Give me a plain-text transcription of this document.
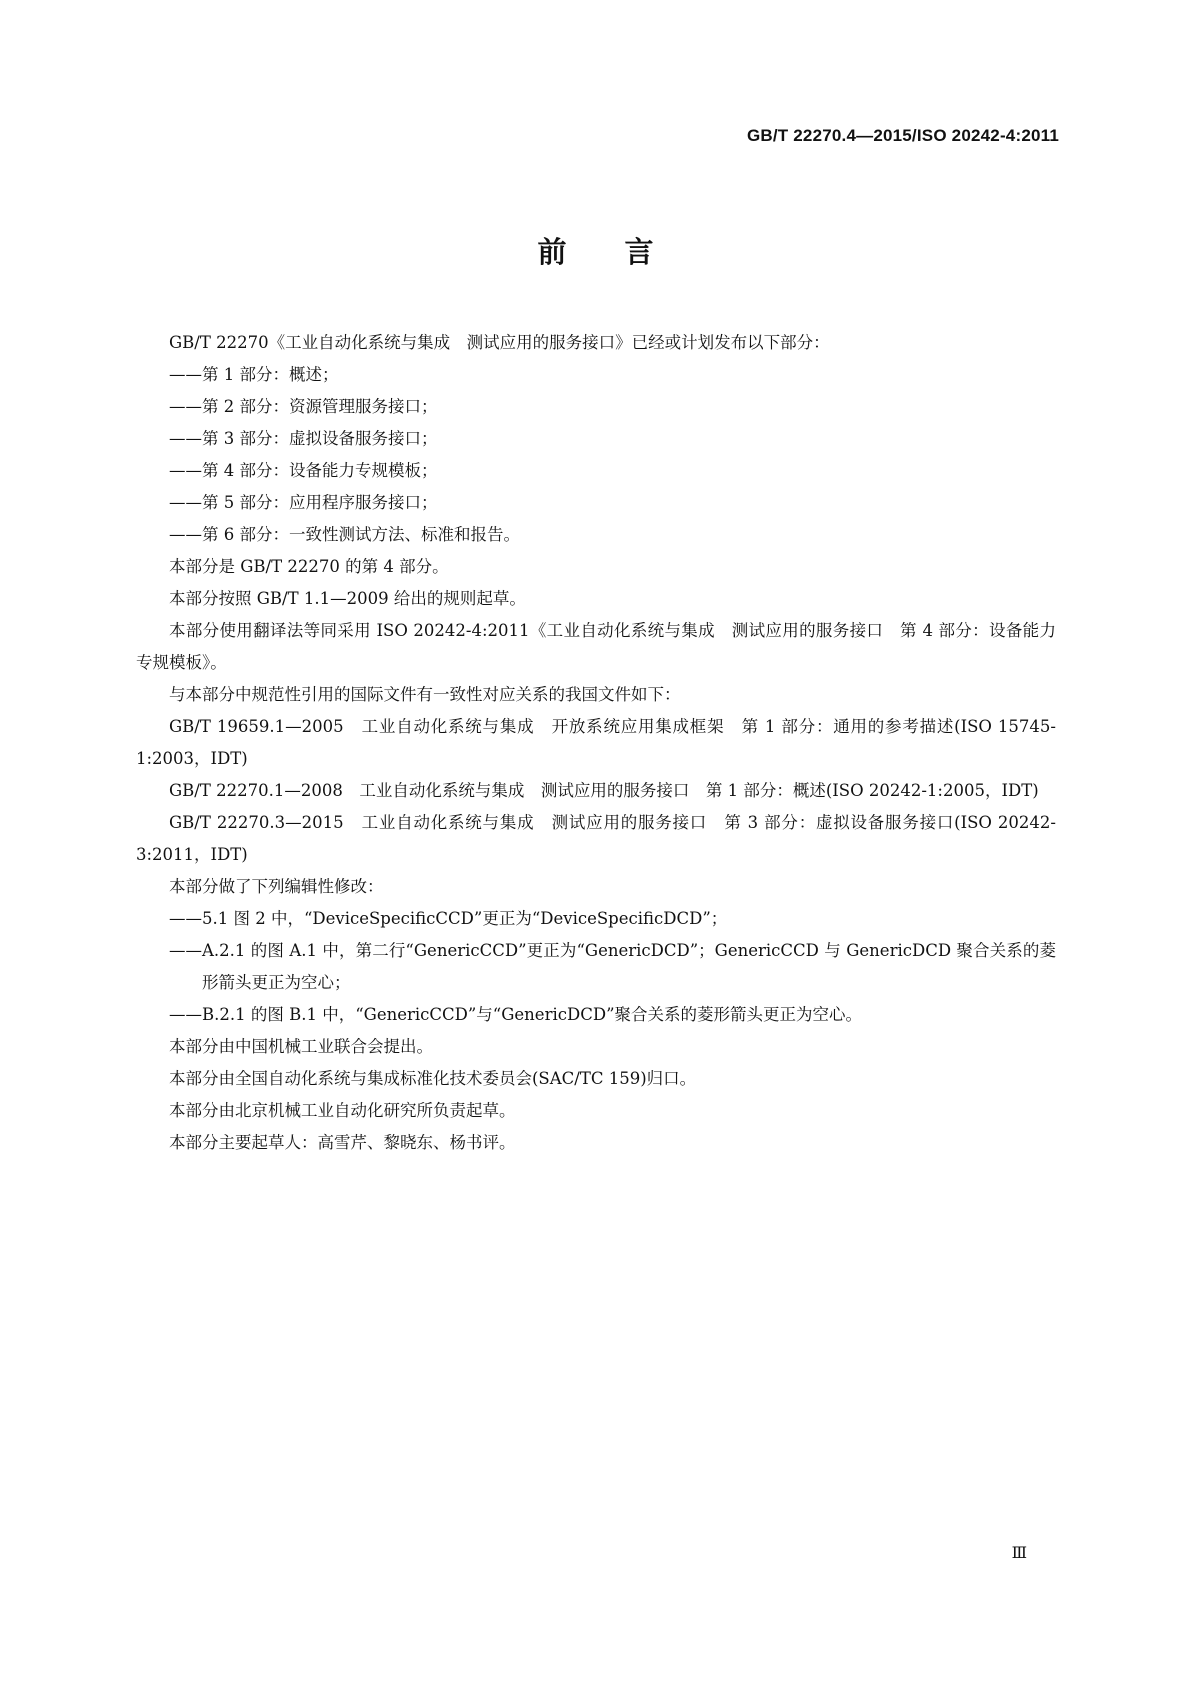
GB/T 22270.4—2015/ISO 20242-4:2011
前 言

GB/T 22270《工业自动化系统与集成　测试应用的服务接口》已经或计划发布以下部分：

——第 1 部分：概述；

——第 2 部分：资源管理服务接口；

——第 3 部分：虚拟设备服务接口；

——第 4 部分：设备能力专规模板；

——第 5 部分：应用程序服务接口；

——第 6 部分：一致性测试方法、标准和报告。

本部分是 GB/T 22270 的第 4 部分。

本部分按照 GB/T 1.1—2009 给出的规则起草。

本部分使用翻译法等同采用 ISO 20242-4:2011《工业自动化系统与集成　测试应用的服务接口　第 4 部分：设备能力专规模板》。

与本部分中规范性引用的国际文件有一致性对应关系的我国文件如下：

GB/T 19659.1—2005　工业自动化系统与集成　开放系统应用集成框架　第 1 部分：通用的参考描述(ISO 15745-1:2003，IDT)

GB/T 22270.1—2008　工业自动化系统与集成　测试应用的服务接口　第 1 部分：概述(ISO 20242-1:2005，IDT)

GB/T 22270.3—2015　工业自动化系统与集成　测试应用的服务接口　第 3 部分：虚拟设备服务接口(ISO 20242-3:2011，IDT)

本部分做了下列编辑性修改：

——5.1 图 2 中，“DeviceSpecificCCD”更正为“DeviceSpecificDCD”；

——A.2.1 的图 A.1 中，第二行“GenericCCD”更正为“GenericDCD”；GenericCCD 与 GenericDCD 聚合关系的菱形箭头更正为空心；

——B.2.1 的图 B.1 中，“GenericCCD”与“GenericDCD”聚合关系的菱形箭头更正为空心。

本部分由中国机械工业联合会提出。

本部分由全国自动化系统与集成标准化技术委员会(SAC/TC 159)归口。

本部分由北京机械工业自动化研究所负责起草。

本部分主要起草人：高雪芹、黎晓东、杨书评。

Ⅲ
